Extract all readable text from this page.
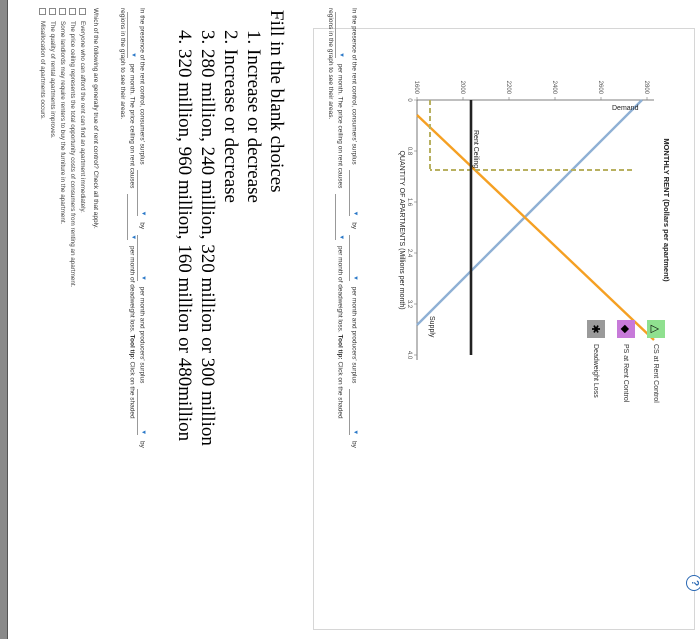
?
1600	2000	2200	2400	2600	2800
0
0.8
1.6
2.4
3.2
4.0
MONTHLY RENT (Dollars per apartment)
QUANTITY OF APARTMENTS (Millions per month)
Demand
Supply
Rent Ceiling
△
CS at Rent Control
◆
PS at Rent Control
✱
Deadweight Loss
In the presence of the rent control, consumers' surplus ▼ by ▼ per month and producers' surplus ▼ by
▼ per month. The price ceiling on rent causes ▼ per month of deadweight loss. Tool tip: Click on the shaded
regions in the graph to see their areas.
Fill in the blank choices
1. Increase or decrease
2. Increase or decrease
3. 280 million, 240 million, 320 million or 300 million
4. 320 million, 960 million, 160 million or 480million
In the presence of the rent control, consumers' surplus ▼ by ▼ per month and producers' surplus ▼ by
▼ per month. The price ceiling on rent causes ▼ per month of deadweight loss. Tool tip: Click on the shaded
regions in the graph to see their areas.
Which of the following are generally true of rent control? Check all that apply.
Everyone who can afford the rent can find an apartment immediately.
The price ceiling represents the total opportunity costs of consumers from renting an apartment.
Some landlords may require renters to buy the furniture in the apartment.
The quality of rental apartments improves.
Misallocation of apartments occurs.
